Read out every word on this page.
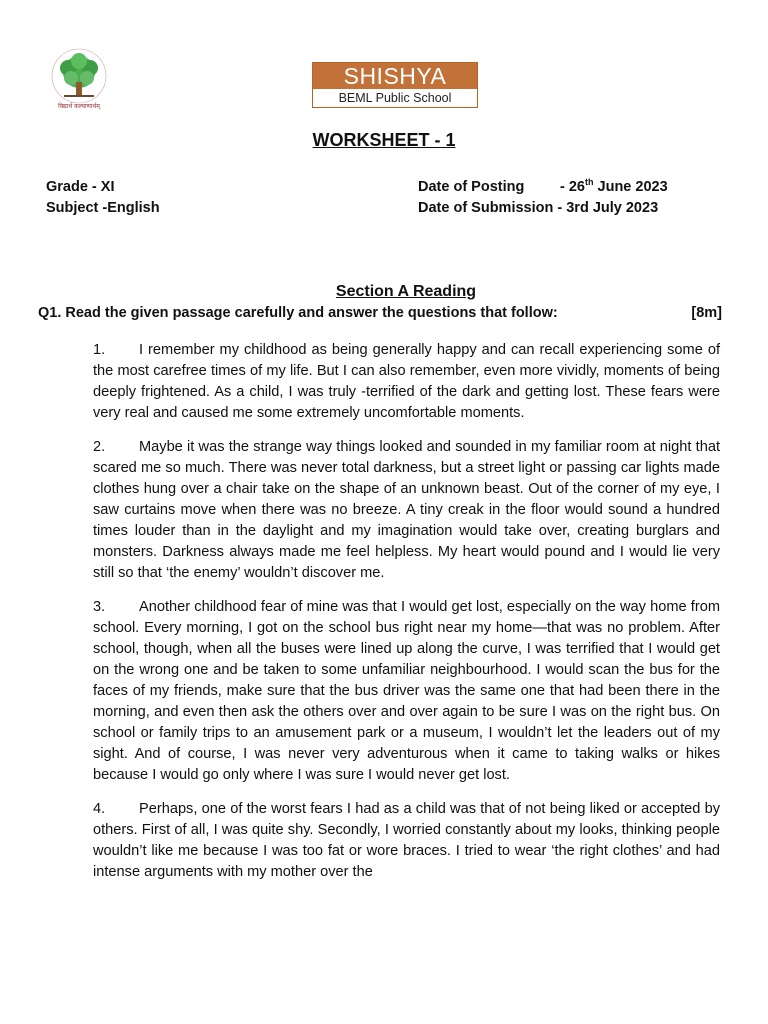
विद्यार्थ कल्याणार्थम्
SHISHYA
BEML Public School
WORKSHEET - 1
Grade - XI
Subject -English
Date of Posting - 26th June 2023
Date of Submission - 3rd July 2023
Section A Reading
Q1. Read the given passage carefully and answer the questions that follow:	[8m]

1. I remember my childhood as being generally happy and can recall experiencing some of the most carefree times of my life. But I can also remember, even more vividly, moments of being deeply frightened. As a child, I was truly -terrified of the dark and getting lost. These fears were very real and caused me some extremely uncomfortable moments.

2. Maybe it was the strange way things looked and sounded in my familiar room at night that scared me so much. There was never total darkness, but a street light or passing car lights made clothes hung over a chair take on the shape of an unknown beast. Out of the corner of my eye, I saw curtains move when there was no breeze. A tiny creak in the floor would sound a hundred times louder than in the daylight and my imagination would take over, creating burglars and monsters. Darkness always made me feel helpless. My heart would pound and I would lie very still so that ‘the enemy’ wouldn’t discover me.

3. Another childhood fear of mine was that I would get lost, especially on the way home from school. Every morning, I got on the school bus right near my home—that was no problem. After school, though, when all the buses were lined up along the curve, I was terrified that I would get on the wrong one and be taken to some unfamiliar neighbourhood. I would scan the bus for the faces of my friends, make sure that the bus driver was the same one that had been there in the morning, and even then ask the others over and over again to be sure I was on the right bus. On school or family trips to an amusement park or a museum, I wouldn’t let the leaders out of my sight. And of course, I was never very adventurous when it came to taking walks or hikes because I would go only where I was sure I would never get lost.

4. Perhaps, one of the worst fears I had as a child was that of not being liked or accepted by others. First of all, I was quite shy. Secondly, I worried constantly about my looks, thinking people wouldn’t like me because I was too fat or wore braces. I tried to wear ‘the right clothes’ and had intense arguments with my mother over the
